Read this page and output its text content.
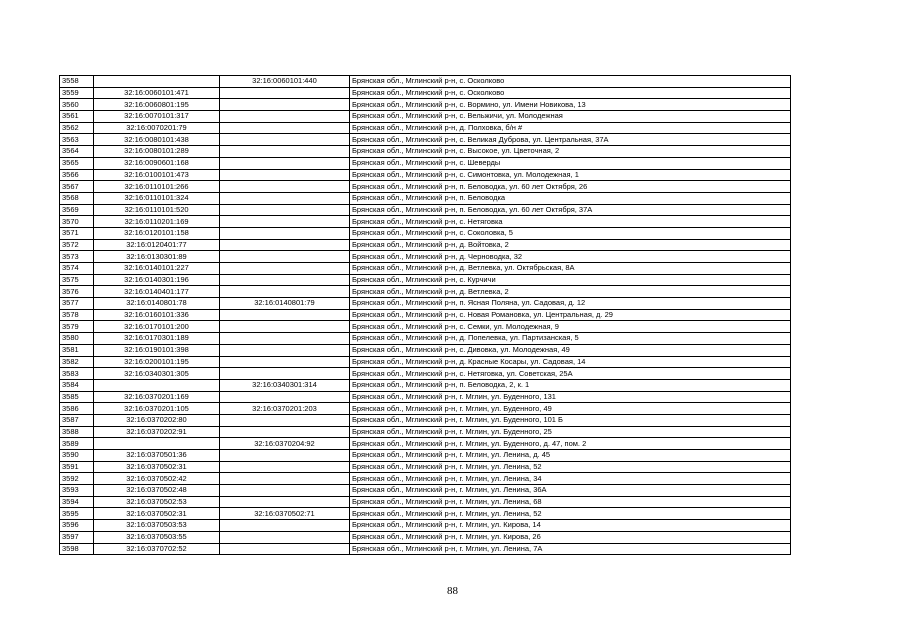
3558		32:16:0060101:440	Брянская обл., Мглинский р-н, с. Осколково
3559	32:16:0060101:471		Брянская обл., Мглинский р-н, с. Осколково
3560	32:16:0060801:195		Брянская обл., Мглинский р-н, с. Вормино, ул. Имени Новикова, 13
3561	32:16:0070101:317		Брянская обл., Мглинский р-н, с. Вельжичи, ул. Молодежная
3562	32:16:0070201:79		Брянская обл., Мглинский р-н, д. Полховка, б/н #
3563	32:16:0080101:438		Брянская обл., Мглинский р-н, с. Великая Дуброва, ул. Центральная, 37А
3564	32:16:0080101:289		Брянская обл., Мглинский р-н, с. Высокое, ул. Цветочная, 2
3565	32:16:0090601:168		Брянская обл., Мглинский р-н, с. Шеверды
3566	32:16:0100101:473		Брянская обл., Мглинский р-н, с. Симонтовка, ул. Молодежная, 1
3567	32:16:0110101:266		Брянская обл., Мглинский р-н, п. Беловодка, ул. 60 лет Октября, 26
3568	32:16:0110101:324		Брянская обл., Мглинский р-н, п. Беловодка
3569	32:16:0110101:520		Брянская обл., Мглинский р-н, п. Беловодка, ул. 60 лет Октября, 37А
3570	32:16:0110201:169		Брянская обл., Мглинский р-н, с. Нетяговка
3571	32:16:0120101:158		Брянская обл., Мглинский р-н, с. Соколовка, 5
3572	32:16:0120401:77		Брянская обл., Мглинский р-н, д. Войтовка, 2
3573	32:16:0130301:89		Брянская обл., Мглинский р-н, д. Черноводка, 32
3574	32:16:0140101:227		Брянская обл., Мглинский р-н, д. Ветлевка, ул. Октябрьская, 8А
3575	32:16:0140301:196		Брянская обл., Мглинский р-н, с. Курчичи
3576	32:16:0140401:177		Брянская обл., Мглинский р-н, д. Ветлевка, 2
3577	32:16:0140801:78	32:16:0140801:79	Брянская обл., Мглинский р-н, п. Ясная Поляна, ул. Садовая, д. 12
3578	32:16:0160101:336		Брянская обл., Мглинский р-н, с. Новая Романовка, ул. Центральная, д. 29
3579	32:16:0170101:200		Брянская обл., Мглинский р-н, с. Семки, ул. Молодежная, 9
3580	32:16:0170301:189		Брянская обл., Мглинский р-н, д. Попелевка, ул. Партизанская, 5
3581	32:16:0190101:398		Брянская обл., Мглинский р-н, с. Дивовка, ул. Молодежная, 49
3582	32:16:0200101:195		Брянская обл., Мглинский р-н, д. Красные Косары, ул. Садовая, 14
3583	32:16:0340301:305		Брянская обл., Мглинский р-н, с. Нетяговка, ул. Советская, 25А
3584		32:16:0340301:314	Брянская обл., Мглинский р-н, п. Беловодка, 2, к. 1
3585	32:16:0370201:169		Брянская обл., Мглинский р-н, г. Мглин, ул. Буденного, 131
3586	32:16:0370201:105	32:16:0370201:203	Брянская обл., Мглинский р-н, г. Мглин, ул. Буденного, 49
3587	32:16:0370202:80		Брянская обл., Мглинский р-н, г. Мглин, ул. Буденного, 101 Б
3588	32:16:0370202:91		Брянская обл., Мглинский р-н, г. Мглин, ул. Буденного, 25
3589		32:16:0370204:92	Брянская обл., Мглинский р-н, г. Мглин, ул. Буденного, д. 47, пом. 2
3590	32:16:0370501:36		Брянская обл., Мглинский р-н, г. Мглин, ул. Ленина, д. 45
3591	32:16:0370502:31		Брянская обл., Мглинский р-н, г. Мглин, ул. Ленина, 52
3592	32:16:0370502:42		Брянская обл., Мглинский р-н, г. Мглин, ул. Ленина, 34
3593	32:16:0370502:48		Брянская обл., Мглинский р-н, г. Мглин, ул. Ленина, 36А
3594	32:16:0370502:53		Брянская обл., Мглинский р-н, г. Мглин, ул. Ленина, 68
3595	32:16:0370502:31	32:16:0370502:71	Брянская обл., Мглинский р-н, г. Мглин, ул. Ленина, 52
3596	32:16:0370503:53		Брянская обл., Мглинский р-н, г. Мглин, ул. Кирова, 14
3597	32:16:0370503:55		Брянская обл., Мглинский р-н, г. Мглин, ул. Кирова, 26
3598	32:16:0370702:52		Брянская обл., Мглинский р-н, г. Мглин, ул. Ленина, 7А
88
